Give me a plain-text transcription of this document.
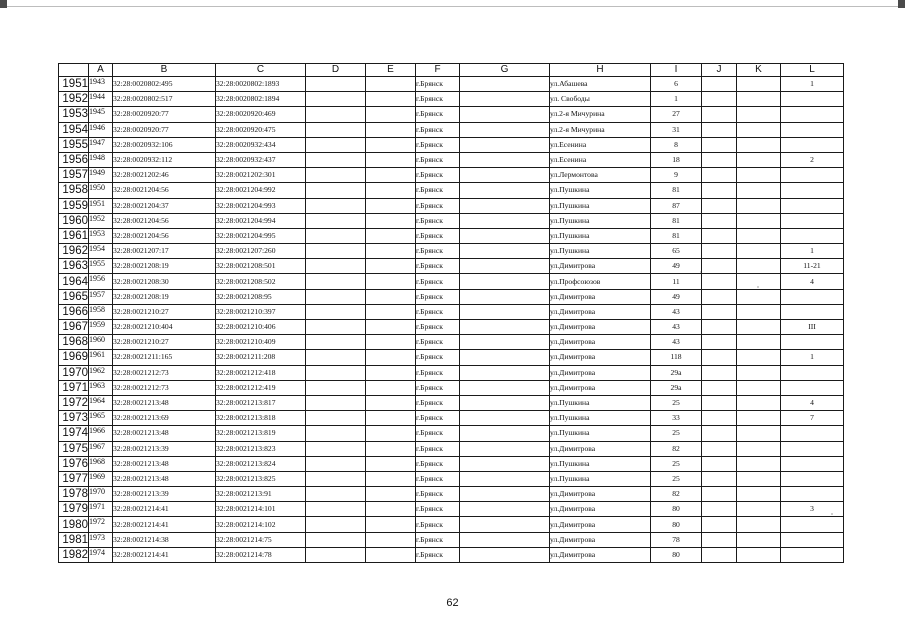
	A	B	C	D	E	F	G	H	I	J	K	L
1951	1943	32:28:0020802:495	32:28:0020802:1893			г.Брянск		ул.Абашева	6			1
1952	1944	32:28:0020802:517	32:28:0020802:1894			г.Брянск		ул. Свободы	1			
1953	1945	32:28:0020920:77	32:28:0020920:469			г.Брянск		ул.2-я Мичурина	27			
1954	1946	32:28:0020920:77	32:28:0020920:475			г.Брянск		ул.2-я Мичурина	31			
1955	1947	32:28:0020932:106	32:28:0020932:434			г.Брянск		ул.Есенина	8			
1956	1948	32:28:0020932:112	32:28:0020932:437			г.Брянск		ул.Есенина	18			2
1957	1949	32:28:0021202:46	32:28:0021202:301			г.Брянск		ул.Лермонтова	9			
1958	1950	32:28:0021204:56	32:28:0021204:992			г.Брянск		ул.Пушкина	81			
1959	1951	32:28:0021204:37	32:28:0021204:993			г.Брянск		ул.Пушкина	87			
1960	1952	32:28:0021204:56	32:28:0021204:994			г.Брянск		ул.Пушкина	81			
1961	1953	32:28:0021204:56	32:28:0021204:995			г.Брянск		ул.Пушкина	81			
1962	1954	32:28:0021207:17	32:28:0021207:260			г.Брянск		ул.Пушкина	65			1
1963	1955	32:28:0021208:19	32:28:0021208:501			г.Брянск		ул.Димитрова	49			11-21
1964	1956	32:28:0021208:30	32:28:0021208:502			г.Брянск		ул.Профсоюзов	11			4
1965	1957	32:28:0021208:19	32:28:0021208:95			г.Брянск		ул.Димитрова	49			
1966	1958	32:28:0021210:27	32:28:0021210:397			г.Брянск		ул.Димитрова	43			
1967	1959	32:28:0021210:404	32:28:0021210:406			г.Брянск		ул.Димитрова	43			III
1968	1960	32:28:0021210:27	32:28:0021210:409			г.Брянск		ул.Димитрова	43			
1969	1961	32:28:0021211:165	32:28:0021211:208			г.Брянск		ул.Димитрова	118			1
1970	1962	32:28:0021212:73	32:28:0021212:418			г.Брянск		ул.Димитрова	29а			
1971	1963	32:28:0021212:73	32:28:0021212:419			г.Брянск		ул.Димитрова	29а			
1972	1964	32:28:0021213:48	32:28:0021213:817			г.Брянск		ул.Пушкина	25			4
1973	1965	32:28:0021213:69	32:28:0021213:818			г.Брянск		ул.Пушкина	33			7
1974	1966	32:28:0021213:48	32:28:0021213:819			г.Брянск		ул.Пушкина	25			
1975	1967	32:28:0021213:39	32:28:0021213:823			г.Брянск		ул.Димитрова	82			
1976	1968	32:28:0021213:48	32:28:0021213:824			г.Брянск		ул.Пушкина	25			
1977	1969	32:28:0021213:48	32:28:0021213:825			г.Брянск		ул.Пушкина	25			
1978	1970	32:28:0021213:39	32:28:0021213:91			г.Брянск		ул.Димитрова	82			
1979	1971	32:28:0021214:41	32:28:0021214:101			г.Брянск		ул.Димитрова	80			3
1980	1972	32:28:0021214:41	32:28:0021214:102			г.Брянск		ул.Димитрова	80			
1981	1973	32:28:0021214:38	32:28:0021214:75			г.Брянск		ул.Димитрова	78			
1982	1974	32:28:0021214:41	32:28:0021214:78			г.Брянск		ул.Димитрова	80			
62
